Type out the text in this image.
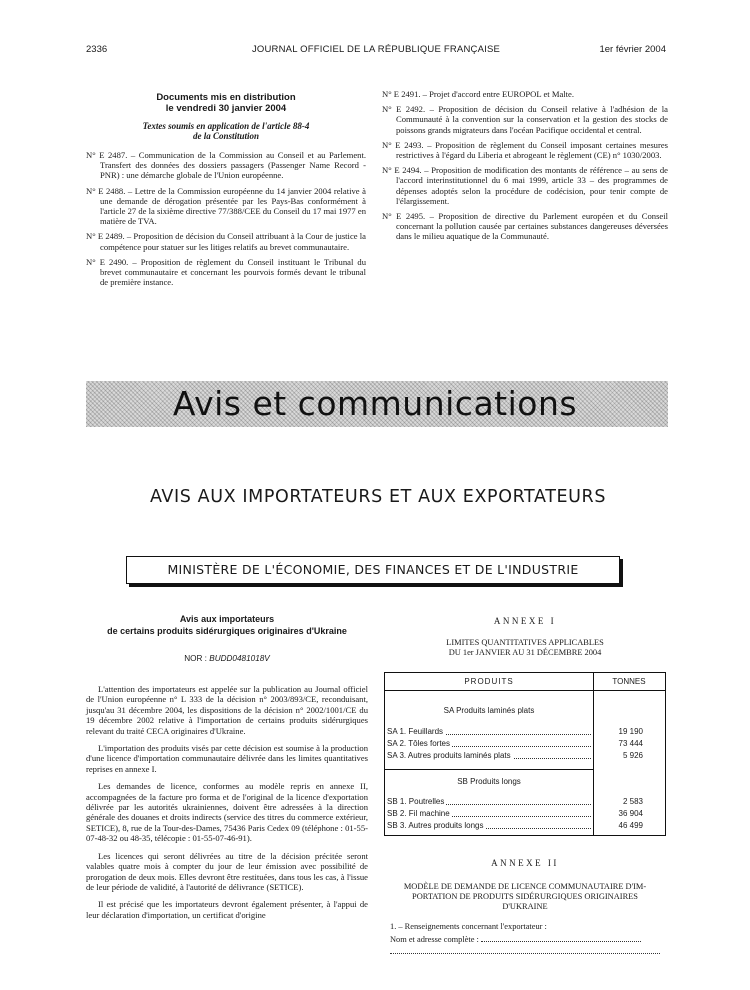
2336	JOURNAL OFFICIEL DE LA RÉPUBLIQUE FRANÇAISE	1er février 2004
Documents mis en distribution
le vendredi 30 janvier 2004
Textes soumis en application de l'article 88-4
de la Constitution

N° E 2487. – Communication de la Commission au Conseil et au Parlement. Transfert des données des dossiers passagers (Passenger Name Record - PNR) : une démarche globale de l'Union européenne.

N° E 2488. – Lettre de la Commission européenne du 14 janvier 2004 relative à une demande de dérogation présentée par les Pays-Bas conformément à l'article 27 de la sixième directive 77/388/CEE du Conseil du 17 mai 1977 en matière de TVA.

N° E 2489. – Proposition de décision du Conseil attribuant à la Cour de justice la compétence pour statuer sur les litiges relatifs au brevet communautaire.

N° E 2490. – Proposition de règlement du Conseil instituant le Tribunal du brevet communautaire et concernant les pourvois formés devant le tribunal de première instance.

N° E 2491. – Projet d'accord entre EUROPOL et Malte.

N° E 2492. – Proposition de décision du Conseil relative à l'adhésion de la Communauté à la convention sur la conservation et la gestion des stocks de poissons grands migrateurs dans l'océan Pacifique occidental et central.

N° E 2493. – Proposition de règlement du Conseil imposant certaines mesures restrictives à l'égard du Liberia et abrogeant le règlement (CE) n° 1030/2003.

N° E 2494. – Proposition de modification des montants de référence – au sens de l'accord interinstitutionnel du 6 mai 1999, article 33 – des programmes de dépenses adoptés selon la procédure de codécision, pour tenir compte de l'élargissement.

N° E 2495. – Proposition de directive du Parlement européen et du Conseil concernant la pollution causée par certaines substances dangereuses déversées dans le milieu aquatique de la Communauté.

Avis et communications
AVIS AUX IMPORTATEURS ET AUX EXPORTATEURS
MINISTÈRE DE L'ÉCONOMIE, DES FINANCES ET DE L'INDUSTRIE
Avis aux importateurs
de certains produits sidérurgiques originaires d'Ukraine
NOR : BUDD0481018V

L'attention des importateurs est appelée sur la publication au Journal officiel de l'Union européenne n° L 333 de la décision n° 2003/893/CE, reconduisant, jusqu'au 31 décembre 2004, les dispositions de la décision n° 2002/1001/CE du 19 décembre 2002 relative à l'importation de certains produits sidérurgiques relevant du traité CECA originaires d'Ukraine.

L'importation des produits visés par cette décision est soumise à la production d'une licence d'importation communautaire délivrée dans les limites quantitatives reprises en annexe I.

Les demandes de licence, conformes au modèle repris en annexe II, accompagnées de la facture pro forma et de l'original de la licence d'exportation délivrée par les autorités ukrainiennes, doivent être adressées à la direction générale des douanes et droits indirects (service des titres du commerce extérieur, SETICE), 8, rue de la Tour-des-Dames, 75436 Paris Cedex 09 (téléphone : 01-55-07-48-32 ou 48-35, télécopie : 01-55-07-46-91).

Les licences qui seront délivrées au titre de la décision précitée seront valables quatre mois à compter du jour de leur émission avec possibilité de prorogation de deux mois. Elles devront être restituées, dans tous les cas, à l'issue de leur période de validité, à l'autorité de délivrance (SETICE).

Il est précisé que les importateurs devront également présenter, à l'appui de leur déclaration d'importation, un certificat d'origine

ANNEXE I
LIMITES QUANTITATIVES APPLICABLES
DU 1er JANVIER AU 31 DÉCEMBRE 2004
PRODUITS	TONNES
SA Produits laminés plats
SA 1. Feuillards	19 190
SA 2. Tôles fortes	73 444
SA 3. Autres produits laminés plats	5 926
SB Produits longs
SB 1. Poutrelles	2 583
SB 2. Fil machine	36 904
SB 3. Autres produits longs	46 499
ANNEXE II
MODÈLE DE DEMANDE DE LICENCE COMMUNAUTAIRE D'IM-
PORTATION DE PRODUITS SIDÉRURGIQUES ORIGINAIRES
D'UKRAINE
1. – Renseignements concernant l'exportateur :
Nom et adresse complète :
